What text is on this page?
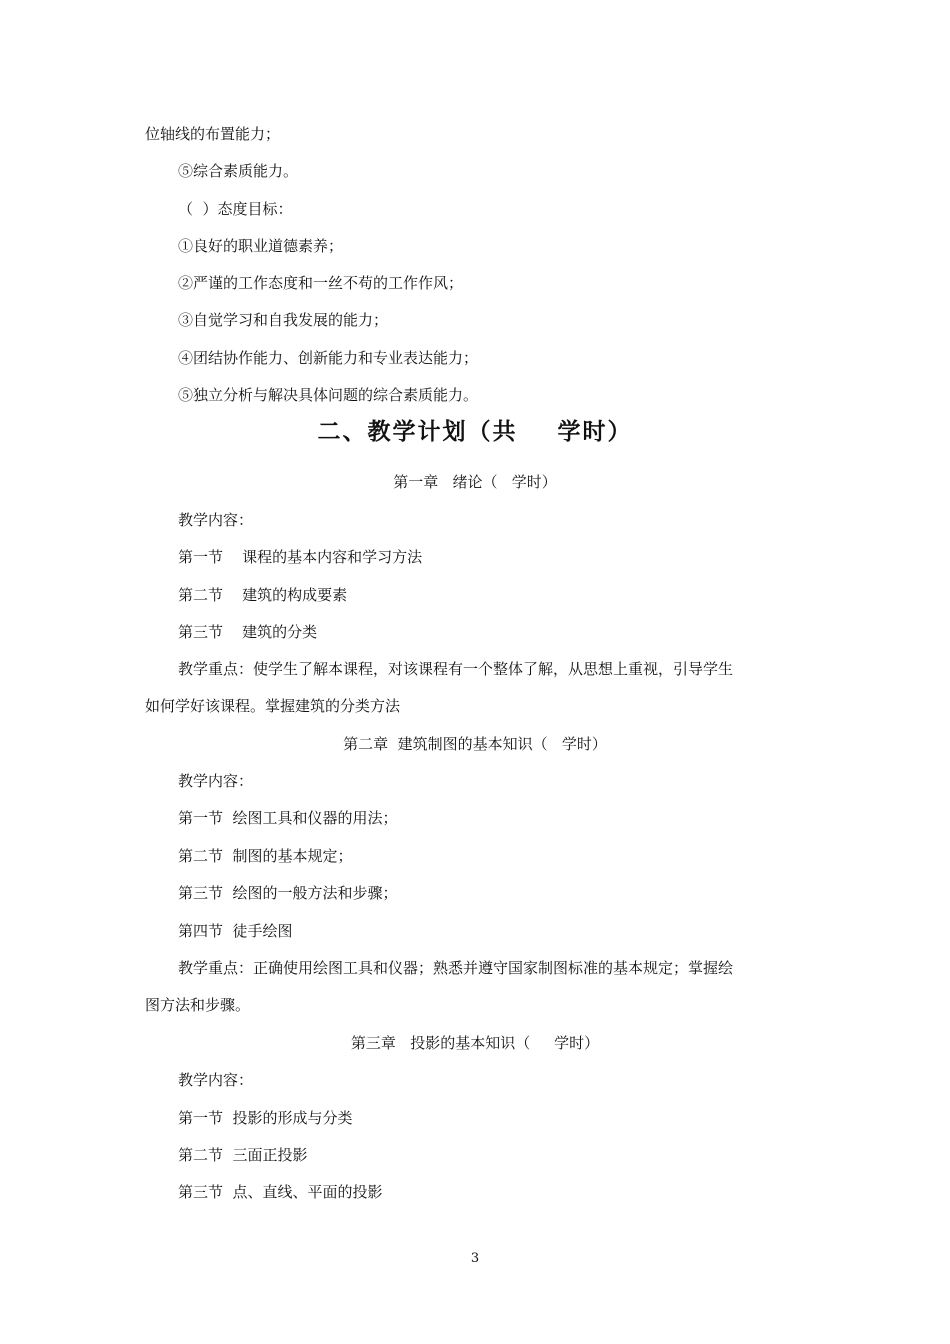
位轴线的布置能力；
⑤综合素质能力。
（  ）态度目标：
①良好的职业道德素养；
②严谨的工作态度和一丝不苟的工作作风；
③自觉学习和自我发展的能力；
④团结协作能力、创新能力和专业表达能力；
⑤独立分析与解决具体问题的综合素质能力。
二、教学计划（共    学时）
第一章   绪论（   学时）
教学内容：
第一节    课程的基本内容和学习方法
第二节    建筑的构成要素
第三节    建筑的分类
教学重点：使学生了解本课程，对该课程有一个整体了解，从思想上重视，引导学生
如何学好该课程。掌握建筑的分类方法
第二章  建筑制图的基本知识（   学时）
教学内容：
第一节  绘图工具和仪器的用法；
第二节  制图的基本规定；
第三节  绘图的一般方法和步骤；
第四节  徒手绘图
教学重点：正确使用绘图工具和仪器；熟悉并遵守国家制图标准的基本规定；掌握绘
图方法和步骤。
第三章   投影的基本知识（     学时）
教学内容：
第一节  投影的形成与分类
第二节  三面正投影
第三节  点、直线、平面的投影
3
